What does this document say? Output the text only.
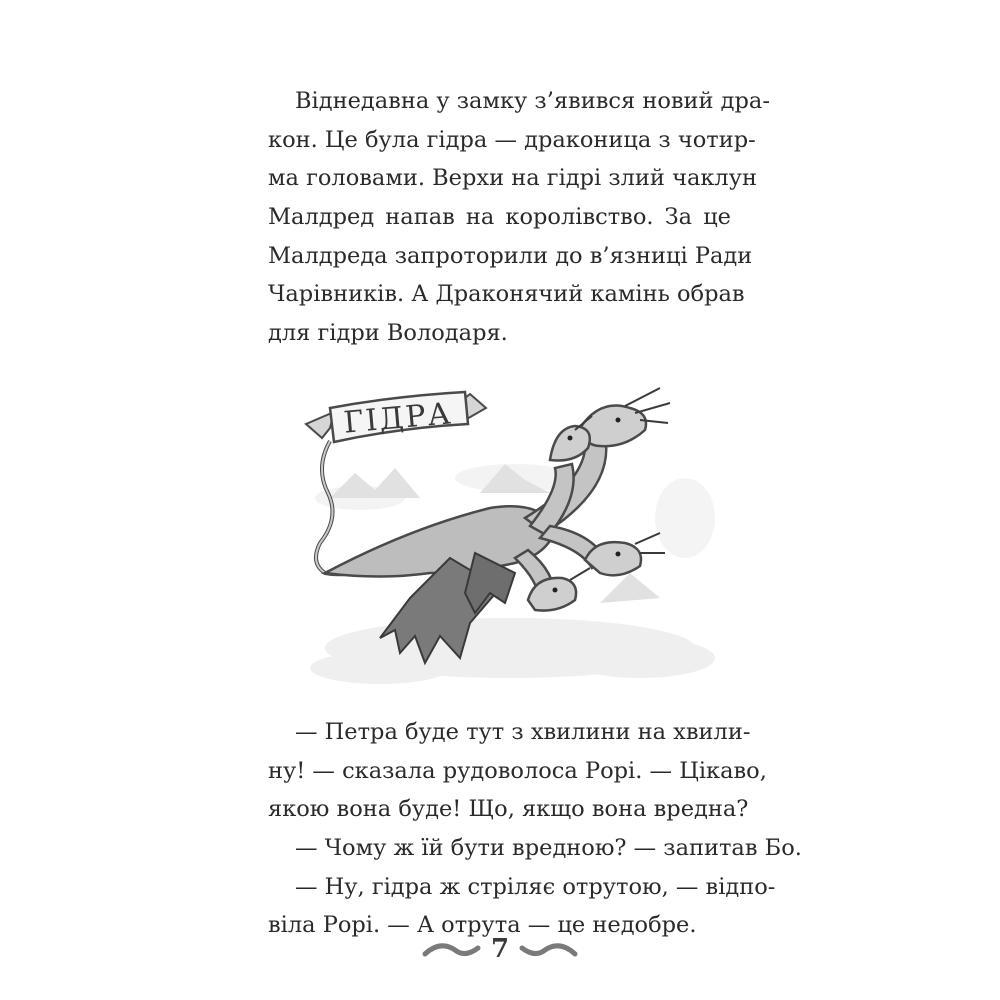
Віднедавна у замку з’явився новий дра-
кон. Це була гідра — драконица з чотир-
ма головами. Верхи на гідрі злий чаклун
Малдред напав на королівство. За це
Малдреда запроторили до в’язниці Ради
Чарівників. А Драконячий камінь обрав
для гідри Володаря.
ГІДРА
— Петра буде тут з хвилини на хвили-
ну! — сказала рудоволоса Рорі. — Цікаво,
якою вона буде! Що, якщо вона вредна?
— Чому ж їй бути вредною? — запитав Бо.
— Ну, гідра ж стріляє отрутою, — відпо-
віла Рорі. — А отрута — це недобре.
7
